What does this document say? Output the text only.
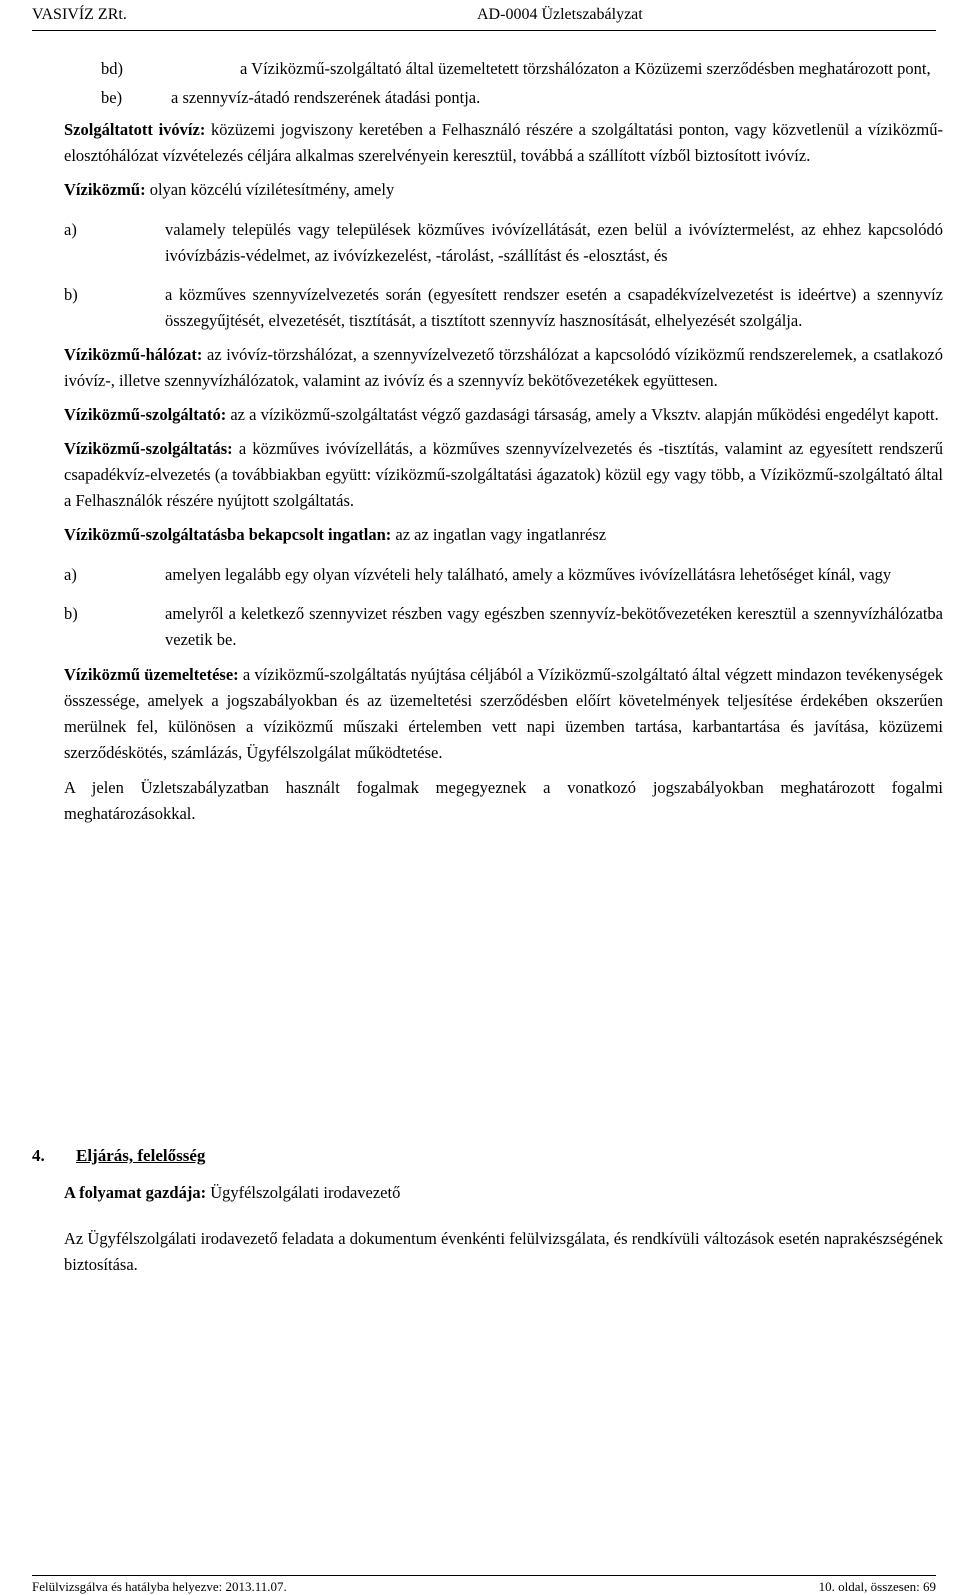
VASIVÍZ ZRt.	AD-0004 Üzletszabályzat
bd)	a Víziközmű-szolgáltató által üzemeltetett törzshálózaton a Közüzemi szerződésben meghatározott pont,
be)	a szennyvíz-átadó rendszerének átadási pontja.

Szolgáltatott ivóvíz: közüzemi jogviszony keretében a Felhasználó részére a szolgáltatási ponton, vagy közvetlenül a víziközmű-elosztóhálózat vízvételezés céljára alkalmas szerelvényein keresztül, továbbá a szállított vízből biztosított ivóvíz.

Víziközmű: olyan közcélú vízilétesítmény, amely

a)	valamely település vagy települések közműves ivóvízellátását, ezen belül a ivóvíztermelést, az ehhez kapcsolódó ivóvízbázis-védelmet, az ivóvízkezelést, -tárolást, -szállítást és -elosztást, és
b)	a közműves szennyvízelvezetés során (egyesített rendszer esetén a csapadékvízelvezetést is ideértve) a szennyvíz összegyűjtését, elvezetését, tisztítását, a tisztított szennyvíz hasznosítását, elhelyezését szolgálja.

Víziközmű-hálózat: az ivóvíz-törzshálózat, a szennyvízelvezető törzshálózat a kapcsolódó víziközmű rendszerelemek, a csatlakozó ivóvíz-, illetve szennyvízhálózatok, valamint az ivóvíz és a szennyvíz bekötővezetékek együttesen.

Víziközmű-szolgáltató: az a víziközmű-szolgáltatást végző gazdasági társaság, amely a Vksztv. alapján működési engedélyt kapott.

Víziközmű-szolgáltatás: a közműves ivóvízellátás, a közműves szennyvízelvezetés és -tisztítás, valamint az egyesített rendszerű csapadékvíz-elvezetés (a továbbiakban együtt: víziközmű-szolgáltatási ágazatok) közül egy vagy több, a Víziközmű-szolgáltató által a Felhasználók részére nyújtott szolgáltatás.

Víziközmű-szolgáltatásba bekapcsolt ingatlan: az az ingatlan vagy ingatlanrész

a)	amelyen legalább egy olyan vízvételi hely található, amely a közműves ivóvízellátásra lehetőséget kínál, vagy
b)	amelyről a keletkező szennyvizet részben vagy egészben szennyvíz-bekötővezetéken keresztül a szennyvízhálózatba vezetik be.

Víziközmű üzemeltetése: a víziközmű-szolgáltatás nyújtása céljából a Víziközmű-szolgáltató által végzett mindazon tevékenységek összessége, amelyek a jogszabályokban és az üzemeltetési szerződésben előírt követelmények teljesítése érdekében okszerűen merülnek fel, különösen a víziközmű műszaki értelemben vett napi üzemben tartása, karbantartása és javítása, közüzemi szerződéskötés, számlázás, Ügyfélszolgálat működtetése.

A jelen Üzletszabályzatban használt fogalmak megegyeznek a vonatkozó jogszabályokban meghatározott fogalmi meghatározásokkal.

4. Eljárás, felelősség

A folyamat gazdája: Ügyfélszolgálati irodavezető

Az Ügyfélszolgálati irodavezető feladata a dokumentum évenkénti felülvizsgálata, és rendkívüli változások esetén naprakészségének biztosítása.

Felülvizsgálva és hatályba helyezve: 2013.11.07.	10. oldal, összesen: 69
